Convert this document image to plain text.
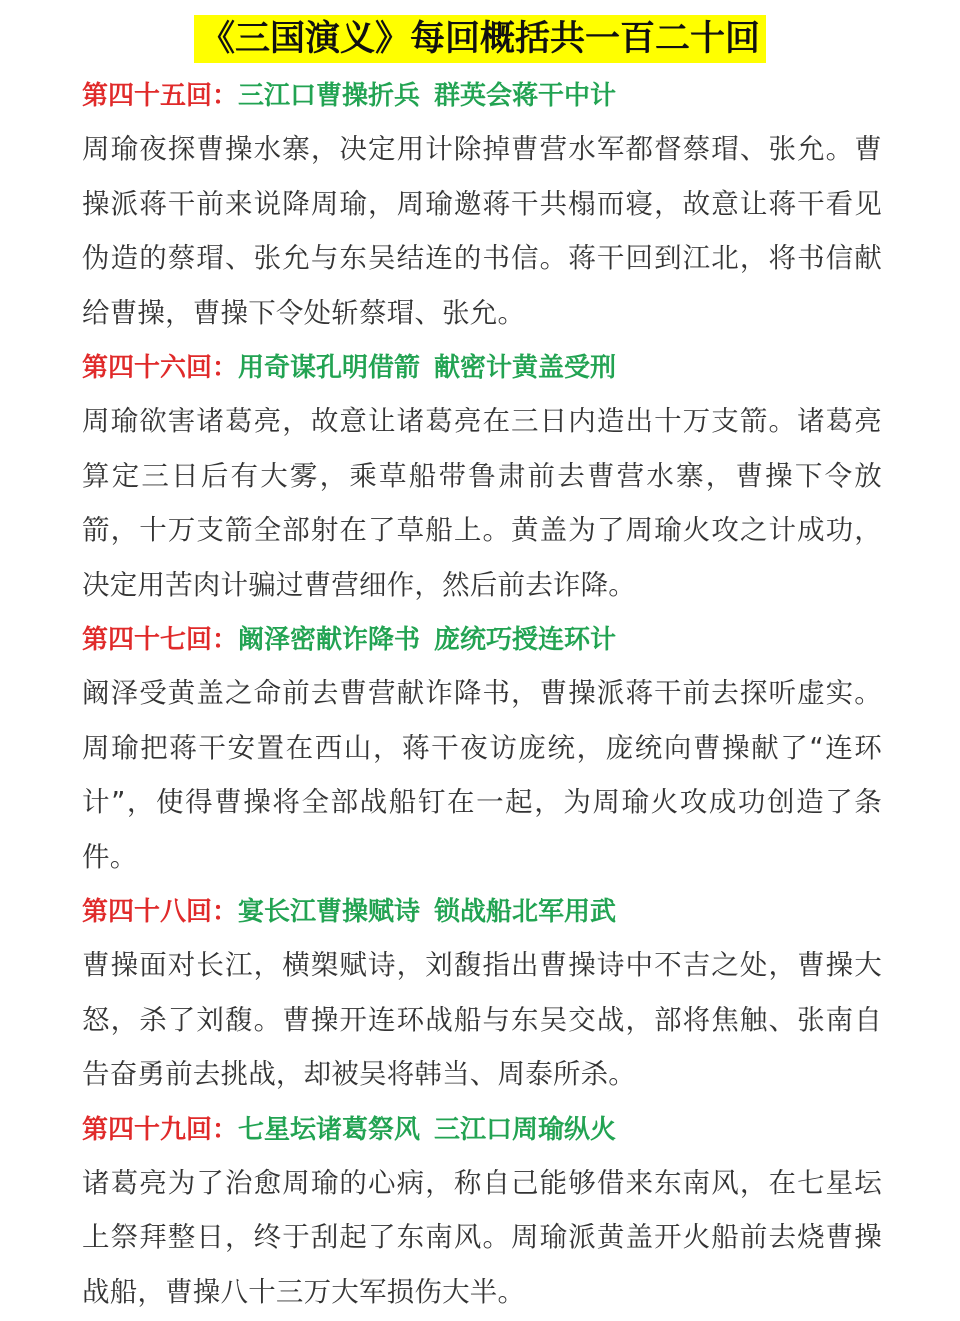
《三国演义》每回概括共一百二十回
第四十五回：三江口曹操折兵 群英会蒋干中计

周瑜夜探曹操水寨，决定用计除掉曹营水军都督蔡瑁、张允。曹操派蒋干前来说降周瑜，周瑜邀蒋干共榻而寝，故意让蒋干看见伪造的蔡瑁、张允与东吴结连的书信。蒋干回到江北，将书信献给曹操，曹操下令处斩蔡瑁、张允。

第四十六回：用奇谋孔明借箭 献密计黄盖受刑

周瑜欲害诸葛亮，故意让诸葛亮在三日内造出十万支箭。诸葛亮算定三日后有大雾，乘草船带鲁肃前去曹营水寨，曹操下令放箭，十万支箭全部射在了草船上。黄盖为了周瑜火攻之计成功，决定用苦肉计骗过曹营细作，然后前去诈降。

第四十七回：阚泽密献诈降书 庞统巧授连环计

阚泽受黄盖之命前去曹营献诈降书，曹操派蒋干前去探听虚实。周瑜把蒋干安置在西山，蒋干夜访庞统，庞统向曹操献了“连环计”，使得曹操将全部战船钉在一起，为周瑜火攻成功创造了条件。

第四十八回：宴长江曹操赋诗 锁战船北军用武

曹操面对长江，横槊赋诗，刘馥指出曹操诗中不吉之处，曹操大怒，杀了刘馥。曹操开连环战船与东吴交战，部将焦触、张南自告奋勇前去挑战，却被吴将韩当、周泰所杀。

第四十九回：七星坛诸葛祭风 三江口周瑜纵火

诸葛亮为了治愈周瑜的心病，称自己能够借来东南风，在七星坛上祭拜整日，终于刮起了东南风。周瑜派黄盖开火船前去烧曹操战船，曹操八十三万大军损伤大半。
